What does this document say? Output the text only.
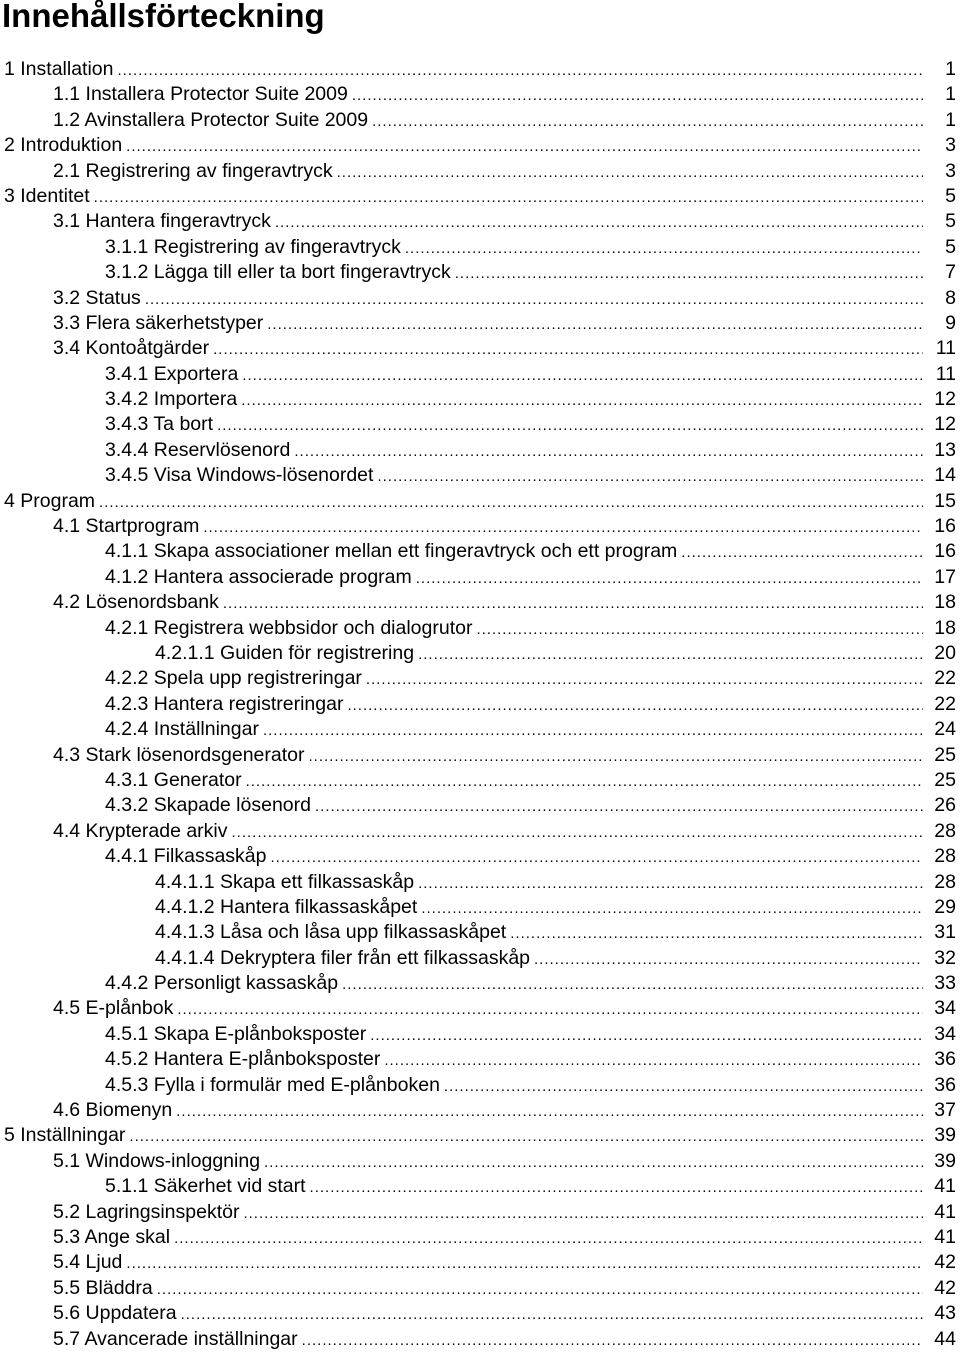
Innehållsförteckning
1 Installation .....	1
1.1 Installera Protector Suite 2009 .....	1
1.2 Avinstallera Protector Suite 2009 .....	1
2 Introduktion .....	3
2.1 Registrering av fingeravtryck .....	3
3 Identitet .....	5
3.1 Hantera fingeravtryck .....	5
3.1.1 Registrering av fingeravtryck .....	5
3.1.2 Lägga till eller ta bort fingeravtryck .....	7
3.2 Status .....	8
3.3 Flera säkerhetstyper .....	9
3.4 Kontoåtgärder .....	11
3.4.1 Exportera .....	11
3.4.2 Importera .....	12
3.4.3 Ta bort .....	12
3.4.4 Reservlösenord .....	13
3.4.5 Visa Windows-lösenordet .....	14
4 Program .....	15
4.1 Startprogram .....	16
4.1.1 Skapa associationer mellan ett fingeravtryck och ett program .....	16
4.1.2 Hantera associerade program .....	17
4.2 Lösenordsbank .....	18
4.2.1 Registrera webbsidor och dialogrutor .....	18
4.2.1.1 Guiden för registrering .....	20
4.2.2 Spela upp registreringar .....	22
4.2.3 Hantera registreringar .....	22
4.2.4 Inställningar .....	24
4.3 Stark lösenordsgenerator .....	25
4.3.1 Generator .....	25
4.3.2 Skapade lösenord .....	26
4.4 Krypterade arkiv .....	28
4.4.1 Filkassaskåp .....	28
4.4.1.1 Skapa ett filkassaskåp .....	28
4.4.1.2 Hantera filkassaskåpet .....	29
4.4.1.3 Låsa och låsa upp filkassaskåpet .....	31
4.4.1.4 Dekryptera filer från ett filkassaskåp .....	32
4.4.2 Personligt kassaskåp .....	33
4.5 E-plånbok .....	34
4.5.1 Skapa E-plånboksposter .....	34
4.5.2 Hantera E-plånboksposter .....	36
4.5.3 Fylla i formulär med E-plånboken .....	36
4.6 Biomenyn .....	37
5 Inställningar .....	39
5.1 Windows-inloggning .....	39
5.1.1 Säkerhet vid start .....	41
5.2 Lagringsinspektör .....	41
5.3 Ange skal .....	41
5.4 Ljud .....	42
5.5 Bläddra .....	42
5.6 Uppdatera .....	43
5.7 Avancerade inställningar .....	44
